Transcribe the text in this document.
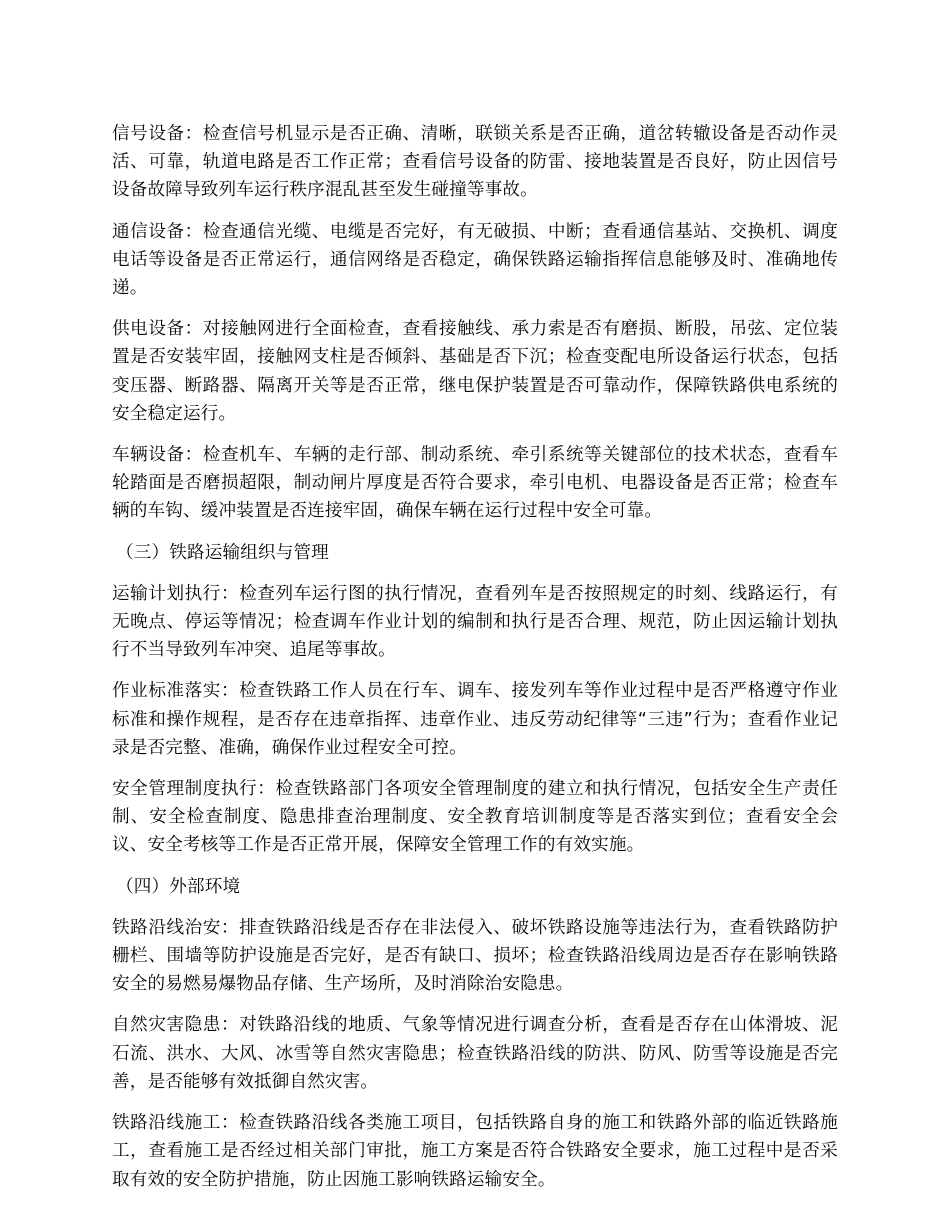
信号设备：检查信号机显示是否正确、清晰，联锁关系是否正确，道岔转辙设备是否动作灵活、可靠，轨道电路是否工作正常；查看信号设备的防雷、接地装置是否良好，防止因信号设备故障导致列车运行秩序混乱甚至发生碰撞等事故。

通信设备：检查通信光缆、电缆是否完好，有无破损、中断；查看通信基站、交换机、调度电话等设备是否正常运行，通信网络是否稳定，确保铁路运输指挥信息能够及时、准确地传递。

供电设备：对接触网进行全面检查，查看接触线、承力索是否有磨损、断股，吊弦、定位装置是否安装牢固，接触网支柱是否倾斜、基础是否下沉；检查变配电所设备运行状态，包括变压器、断路器、隔离开关等是否正常，继电保护装置是否可靠动作，保障铁路供电系统的安全稳定运行。

车辆设备：检查机车、车辆的走行部、制动系统、牵引系统等关键部位的技术状态，查看车轮踏面是否磨损超限，制动闸片厚度是否符合要求，牵引电机、电器设备是否正常；检查车辆的车钩、缓冲装置是否连接牢固，确保车辆在运行过程中安全可靠。

（三）铁路运输组织与管理

运输计划执行：检查列车运行图的执行情况，查看列车是否按照规定的时刻、线路运行，有无晚点、停运等情况；检查调车作业计划的编制和执行是否合理、规范，防止因运输计划执行不当导致列车冲突、追尾等事故。

作业标准落实：检查铁路工作人员在行车、调车、接发列车等作业过程中是否严格遵守作业标准和操作规程，是否存在违章指挥、违章作业、违反劳动纪律等“三违”行为；查看作业记录是否完整、准确，确保作业过程安全可控。

安全管理制度执行：检查铁路部门各项安全管理制度的建立和执行情况，包括安全生产责任制、安全检查制度、隐患排查治理制度、安全教育培训制度等是否落实到位；查看安全会议、安全考核等工作是否正常开展，保障安全管理工作的有效实施。

（四）外部环境

铁路沿线治安：排查铁路沿线是否存在非法侵入、破坏铁路设施等违法行为，查看铁路防护栅栏、围墙等防护设施是否完好，是否有缺口、损坏；检查铁路沿线周边是否存在影响铁路安全的易燃易爆物品存储、生产场所，及时消除治安隐患。

自然灾害隐患：对铁路沿线的地质、气象等情况进行调查分析，查看是否存在山体滑坡、泥石流、洪水、大风、冰雪等自然灾害隐患；检查铁路沿线的防洪、防风、防雪等设施是否完善，是否能够有效抵御自然灾害。

铁路沿线施工：检查铁路沿线各类施工项目，包括铁路自身的施工和铁路外部的临近铁路施工，查看施工是否经过相关部门审批，施工方案是否符合铁路安全要求，施工过程中是否采取有效的安全防护措施，防止因施工影响铁路运输安全。
